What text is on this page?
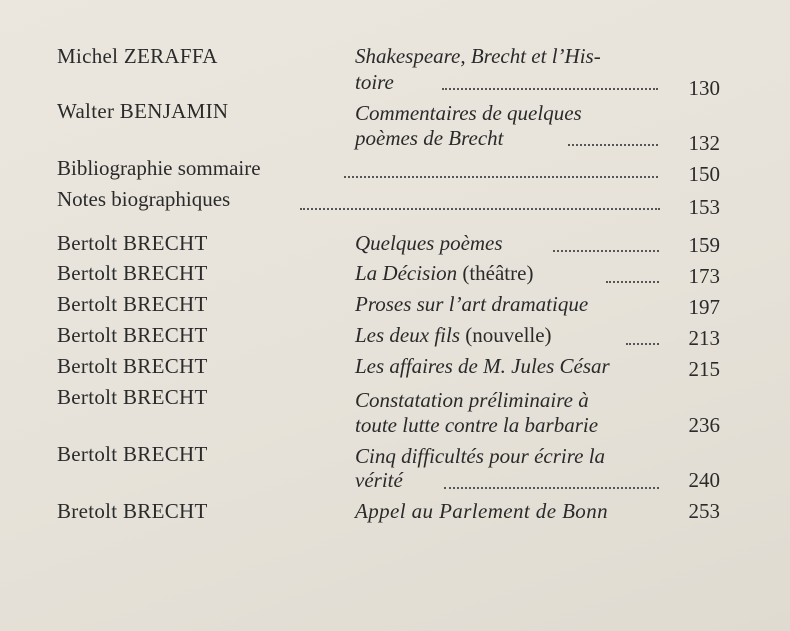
Michel ZERAFFA	Shakespeare, Brecht et l’His-
toire	130
Walter BENJAMIN	Commentaires de quelques
poèmes de Brecht	132
Bibliographie sommaire	150
Notes biographiques	153
Bertolt BRECHT	Quelques poèmes	159
Bertolt BRECHT	La Décision (théâtre)	173
Bertolt BRECHT	Proses sur l’art dramatique	197
Bertolt BRECHT	Les deux fils (nouvelle)	213
Bertolt BRECHT	Les affaires de M. Jules César	215
Bertolt BRECHT	Constatation préliminaire à
toute lutte contre la barbarie	236
Bertolt BRECHT	Cinq difficultés pour écrire la
vérité	240
Bretolt BRECHT	Appel au Parlement de Bonn	253
